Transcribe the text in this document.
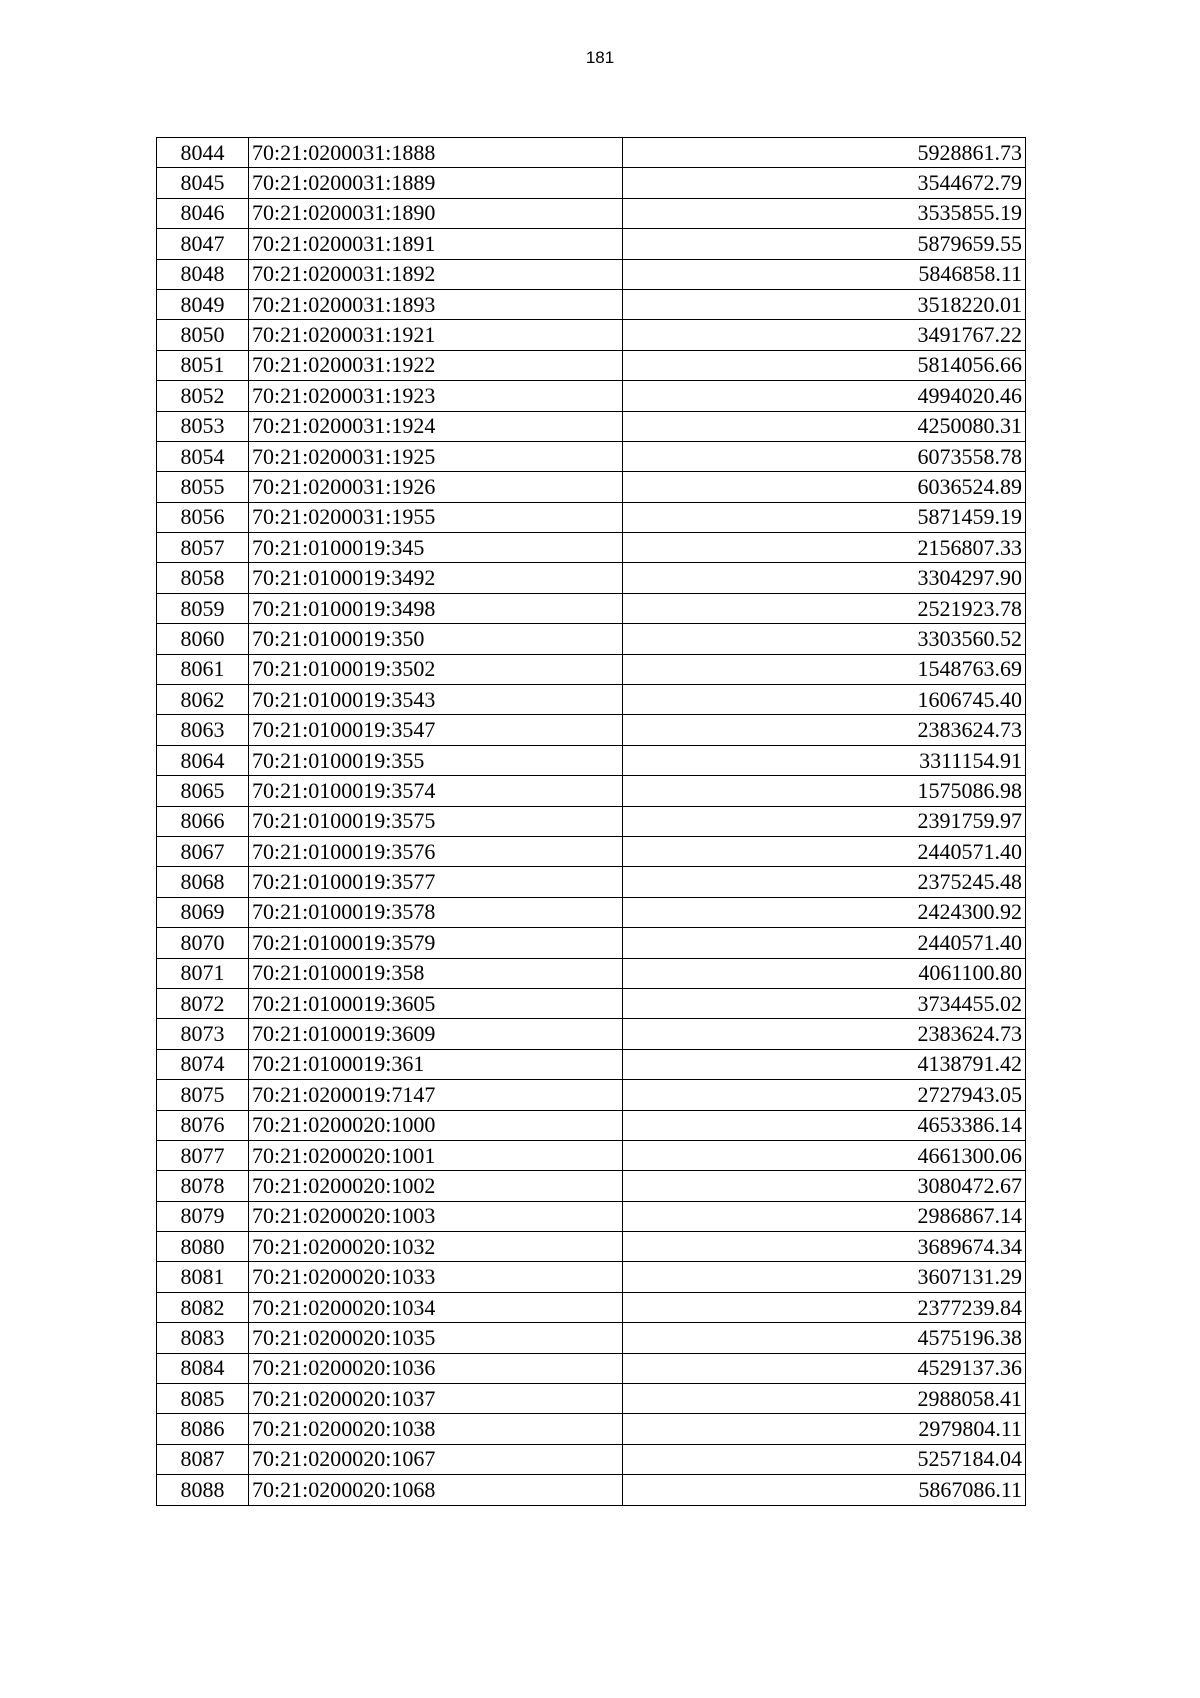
181
8044	70:21:0200031:1888	5928861.73
8045	70:21:0200031:1889	3544672.79
8046	70:21:0200031:1890	3535855.19
8047	70:21:0200031:1891	5879659.55
8048	70:21:0200031:1892	5846858.11
8049	70:21:0200031:1893	3518220.01
8050	70:21:0200031:1921	3491767.22
8051	70:21:0200031:1922	5814056.66
8052	70:21:0200031:1923	4994020.46
8053	70:21:0200031:1924	4250080.31
8054	70:21:0200031:1925	6073558.78
8055	70:21:0200031:1926	6036524.89
8056	70:21:0200031:1955	5871459.19
8057	70:21:0100019:345	2156807.33
8058	70:21:0100019:3492	3304297.90
8059	70:21:0100019:3498	2521923.78
8060	70:21:0100019:350	3303560.52
8061	70:21:0100019:3502	1548763.69
8062	70:21:0100019:3543	1606745.40
8063	70:21:0100019:3547	2383624.73
8064	70:21:0100019:355	3311154.91
8065	70:21:0100019:3574	1575086.98
8066	70:21:0100019:3575	2391759.97
8067	70:21:0100019:3576	2440571.40
8068	70:21:0100019:3577	2375245.48
8069	70:21:0100019:3578	2424300.92
8070	70:21:0100019:3579	2440571.40
8071	70:21:0100019:358	4061100.80
8072	70:21:0100019:3605	3734455.02
8073	70:21:0100019:3609	2383624.73
8074	70:21:0100019:361	4138791.42
8075	70:21:0200019:7147	2727943.05
8076	70:21:0200020:1000	4653386.14
8077	70:21:0200020:1001	4661300.06
8078	70:21:0200020:1002	3080472.67
8079	70:21:0200020:1003	2986867.14
8080	70:21:0200020:1032	3689674.34
8081	70:21:0200020:1033	3607131.29
8082	70:21:0200020:1034	2377239.84
8083	70:21:0200020:1035	4575196.38
8084	70:21:0200020:1036	4529137.36
8085	70:21:0200020:1037	2988058.41
8086	70:21:0200020:1038	2979804.11
8087	70:21:0200020:1067	5257184.04
8088	70:21:0200020:1068	5867086.11
